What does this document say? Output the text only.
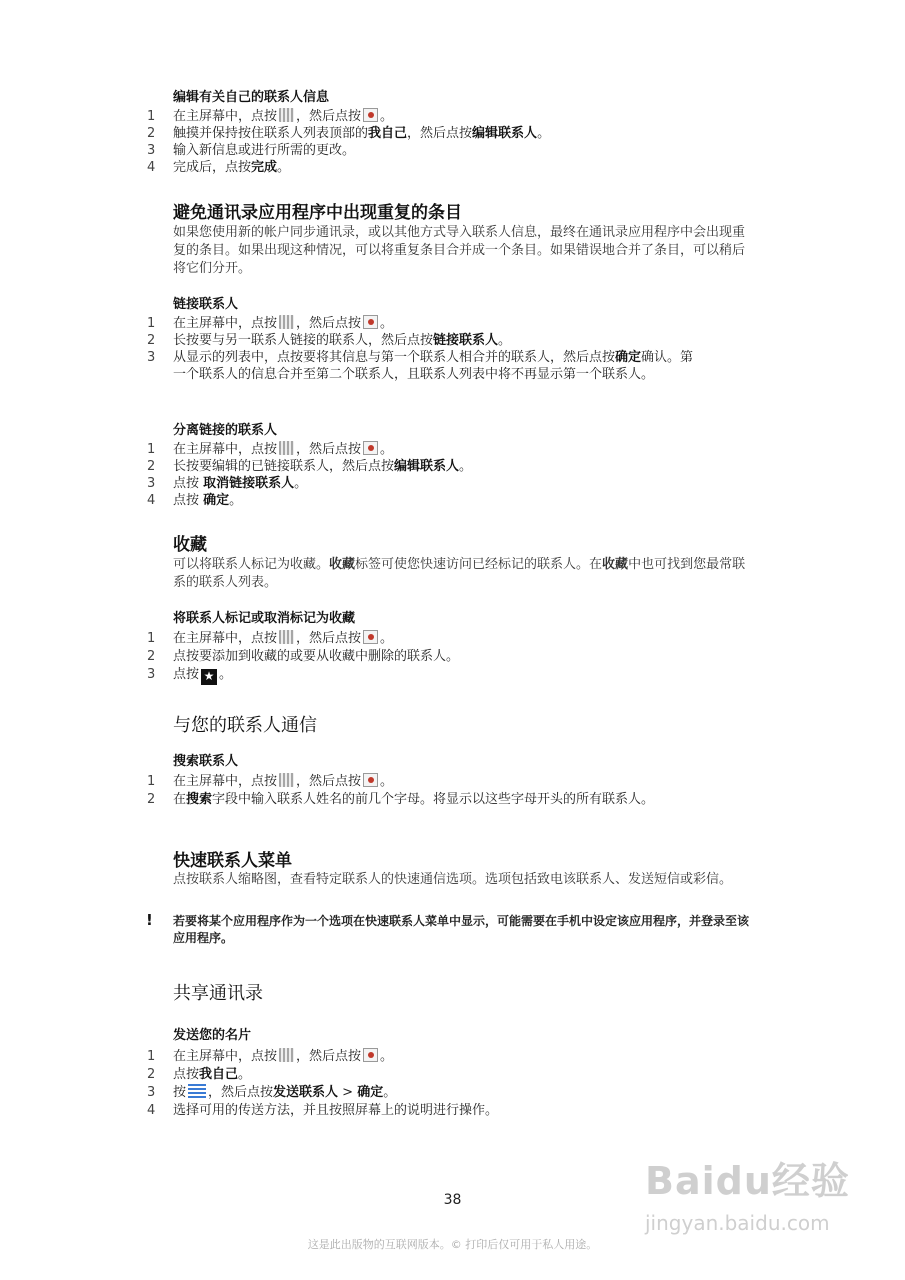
编辑有关自己的联系人信息
1	在主屏幕中，点按 ，然后点按 。
2	触摸并保持按住联系人列表顶部的我自己，然后点按编辑联系人。
3	输入新信息或进行所需的更改。
4	完成后，点按完成。
避免通讯录应用程序中出现重复的条目
如果您使用新的帐户同步通讯录，或以其他方式导入联系人信息，最终在通讯录应用程序中会出现重复的条目。如果出现这种情况，可以将重复条目合并成一个条目。如果错误地合并了条目，可以稍后将它们分开。
链接联系人
1	在主屏幕中，点按 ，然后点按 。
2	长按要与另一联系人链接的联系人，然后点按链接联系人。
3	从显示的列表中，点按要将其信息与第一个联系人相合并的联系人，然后点按确定确认。第一个联系人的信息合并至第二个联系人，且联系人列表中将不再显示第一个联系人。
分离链接的联系人
1	在主屏幕中，点按 ，然后点按 。
2	长按要编辑的已链接联系人，然后点按编辑联系人。
3	点按 取消链接联系人。
4	点按 确定。
收藏
可以将联系人标记为收藏。收藏标签可使您快速访问已经标记的联系人。在收藏中也可找到您最常联系的联系人列表。
将联系人标记或取消标记为收藏
1	在主屏幕中，点按 ，然后点按 。
2	点按要添加到收藏的或要从收藏中删除的联系人。
3	点按 ★ 。
与您的联系人通信
搜索联系人
1	在主屏幕中，点按 ，然后点按 。
2	在搜索字段中输入联系人姓名的前几个字母。将显示以这些字母开头的所有联系人。
快速联系人菜单
点按联系人缩略图，查看特定联系人的快速通信选项。选项包括致电该联系人、发送短信或彩信。
! 若要将某个应用程序作为一个选项在快速联系人菜单中显示，可能需要在手机中设定该应用程序，并登录至该应用程序。
共享通讯录
发送您的名片
1	在主屏幕中，点按 ，然后点按 。
2	点按我自己。
3	按 ，然后点按发送联系人 > 确定。
4	选择可用的传送方法，并且按照屏幕上的说明进行操作。
38
这是此出版物的互联网版本。© 打印后仅可用于私人用途。
Baidu经验
jingyan.baidu.com
